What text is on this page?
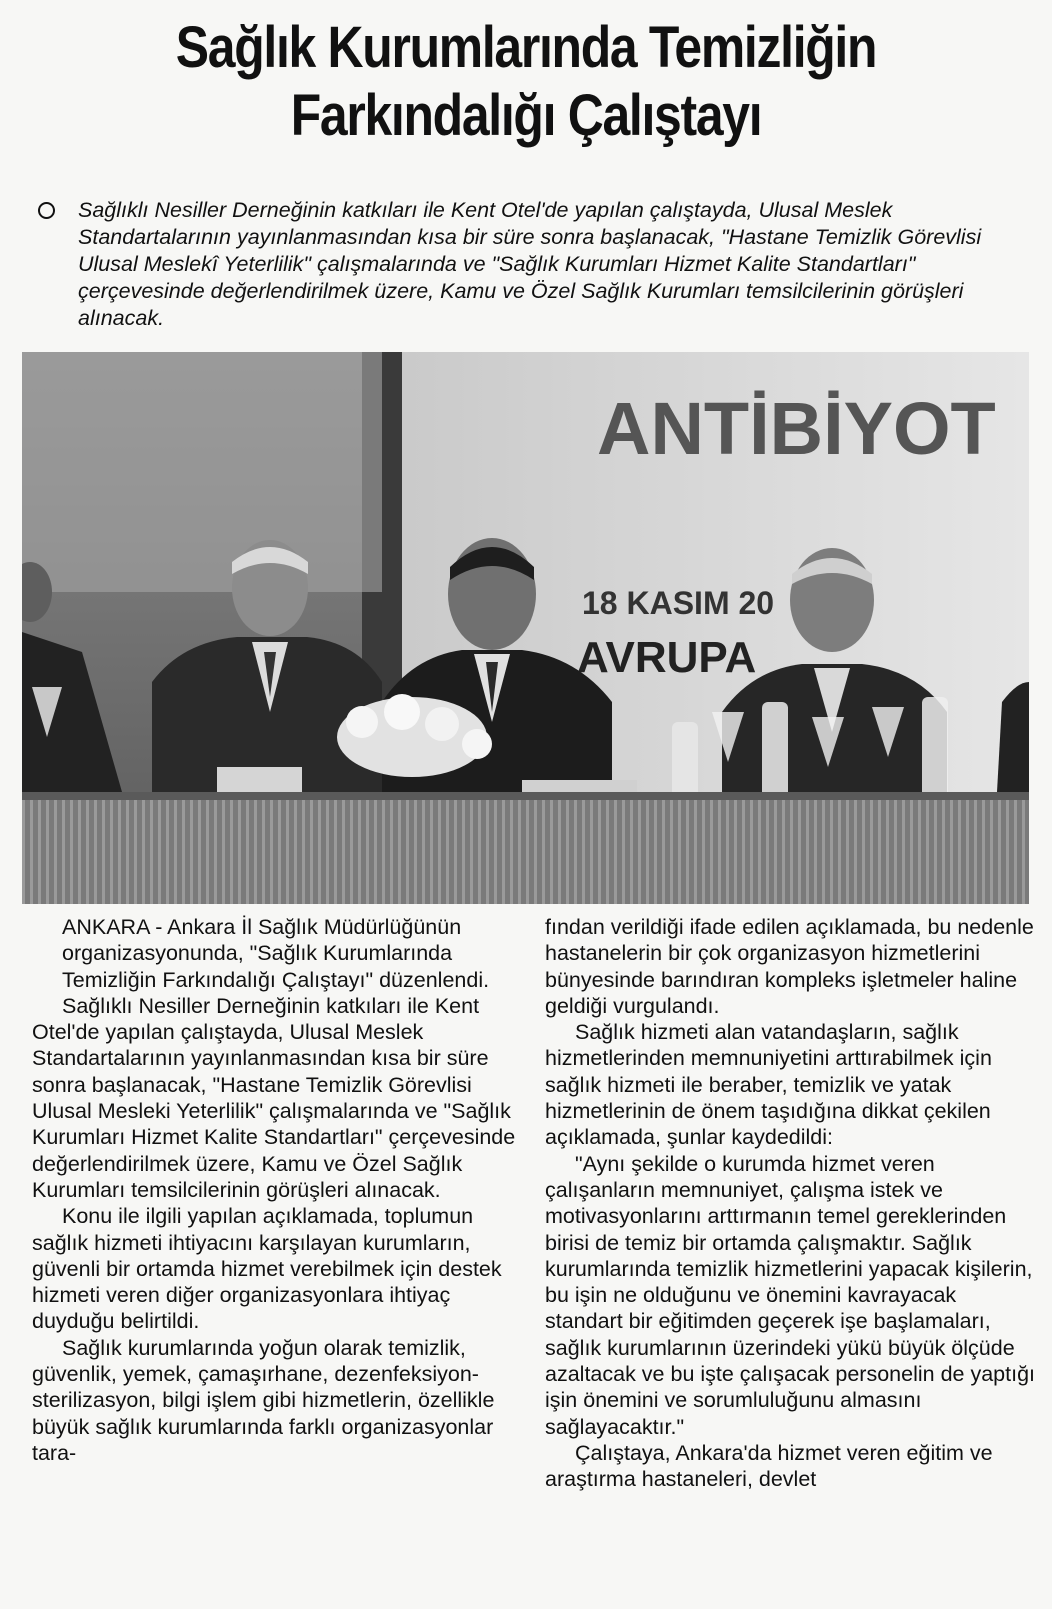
Sağlık Kurumlarında Temizliğin
Farkındalığı Çalıştayı

Sağlıklı Nesiller Derneğinin katkıları ile Kent Otel'de yapılan çalıştayda, Ulusal Meslek Standartalarının yayınlanmasından kısa bir süre sonra başlanacak, "Hastane Temizlik Görevlisi Ulusal Meslekî Yeterlilik" çalışmalarında ve "Sağlık Kurumları Hizmet Kalite Standartları" çerçevesinde değerlendirilmek üzere, Kamu ve Özel Sağlık Kurumları temsilcilerinin görüşleri alınacak.

ANTİBİYOT
18 KASIM 20
AVRUPA

ANKARA - Ankara İl Sağlık Müdürlüğünün organizasyonunda, "Sağlık Kurumlarında Temizliğin Farkındalığı Çalıştayı" düzenlendi.

Sağlıklı Nesiller Derneğinin katkıları ile Kent Otel'de yapılan çalıştayda, Ulusal Meslek Standartalarının yayınlanmasından kısa bir süre sonra başlanacak, "Hastane Temizlik Görevlisi Ulusal Mesleki Yeterlilik" çalışmalarında ve "Sağlık Kurumları Hizmet Kalite Standartları" çerçevesinde değerlendirilmek üzere, Kamu ve Özel Sağlık Kurumları temsilcilerinin görüşleri alınacak.

Konu ile ilgili yapılan açıklamada, toplumun sağlık hizmeti ihtiyacını karşılayan kurumların, güvenli bir ortamda hizmet verebilmek için destek hizmeti veren diğer organizasyonlara ihtiyaç duyduğu belirtildi.

Sağlık kurumlarında yoğun olarak temizlik, güvenlik, yemek, çamaşırhane, dezenfeksiyon-sterilizasyon, bilgi işlem gibi hizmetlerin, özellikle büyük sağlık kurumlarında farklı organizasyonlar tara-

fından verildiği ifade edilen açıklamada, bu nedenle hastanelerin bir çok organizasyon hizmetlerini bünyesinde barındıran kompleks işletmeler haline geldiği vurgulandı.

Sağlık hizmeti alan vatandaşların, sağlık hizmetlerinden memnuniyetini arttırabilmek için sağlık hizmeti ile beraber, temizlik ve yatak hizmetlerinin de önem taşıdığına dikkat çekilen açıklamada, şunlar kaydedildi:

"Aynı şekilde o kurumda hizmet veren çalışanların memnuniyet, çalışma istek ve motivasyonlarını arttırmanın temel gereklerinden birisi de temiz bir ortamda çalışmaktır. Sağlık kurumlarında temizlik hizmetlerini yapacak kişilerin, bu işin ne olduğunu ve önemini kavrayacak standart bir eğitimden geçerek işe başlamaları, sağlık kurumlarının üzerindeki yükü büyük ölçüde azaltacak ve bu işte çalışacak personelin de yaptığı işin önemini ve sorumluluğunu almasını sağlayacaktır."

Çalıştaya, Ankara'da hizmet veren eğitim ve araştırma hastaneleri, devlet
